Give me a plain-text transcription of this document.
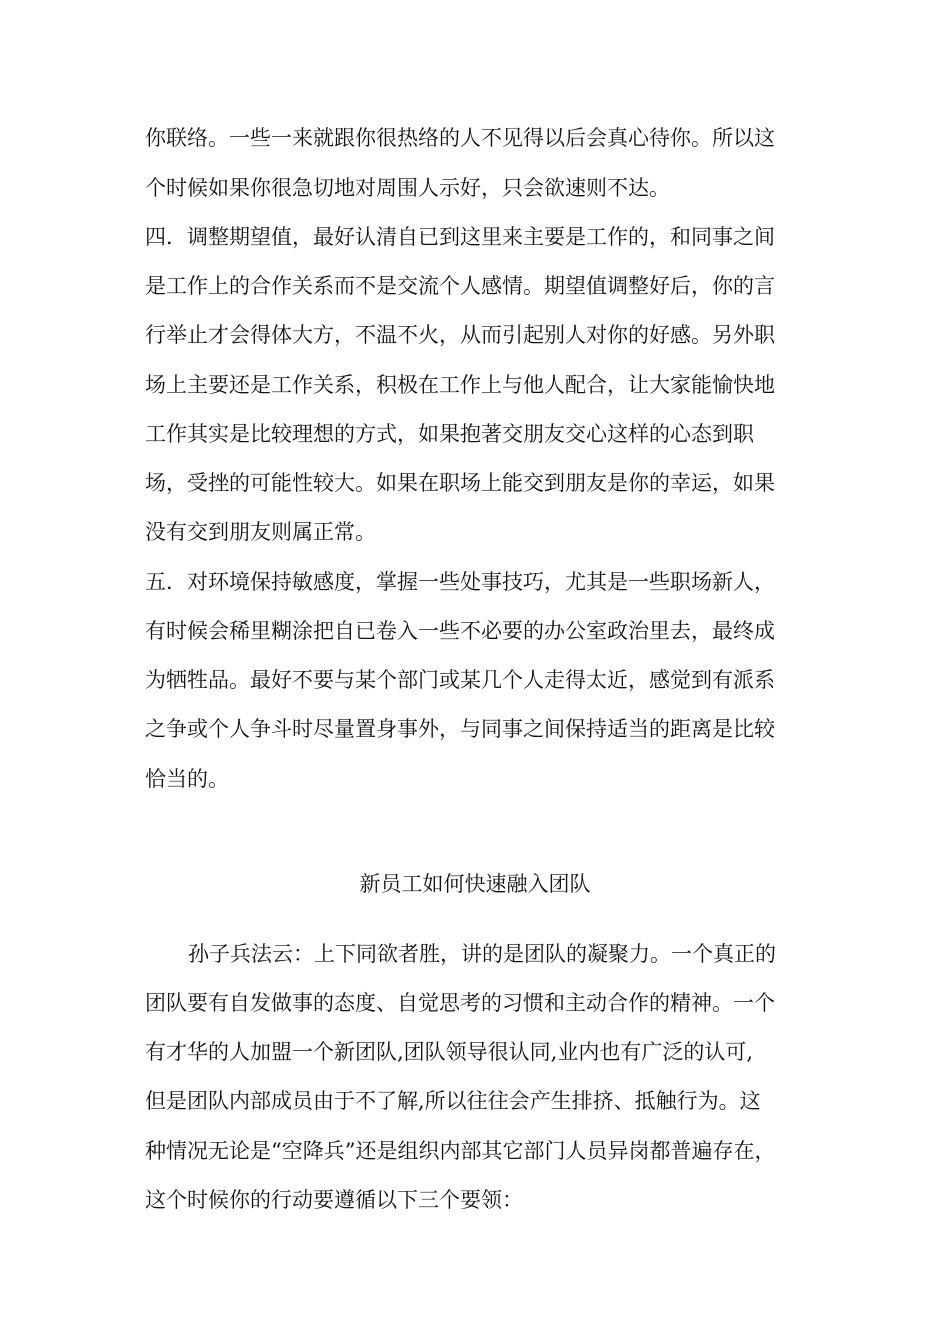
你联络。一些一来就跟你很热络的人不见得以后会真心待你。所以这
个时候如果你很急切地对周围人示好，只会欲速则不达。
四．调整期望值，最好认清自已到这里来主要是工作的，和同事之间
是工作上的合作关系而不是交流个人感情。期望值调整好后，你的言
行举止才会得体大方，不温不火，从而引起别人对你的好感。另外职
场上主要还是工作关系，积极在工作上与他人配合，让大家能愉快地
工作其实是比较理想的方式，如果抱著交朋友交心这样的心态到职
场，受挫的可能性较大。如果在职场上能交到朋友是你的幸运，如果
没有交到朋友则属正常。
五．对环境保持敏感度，掌握一些处事技巧，尤其是一些职场新人，
有时候会稀里糊涂把自已卷入一些不必要的办公室政治里去，最终成
为牺牲品。最好不要与某个部门或某几个人走得太近，感觉到有派系
之争或个人争斗时尽量置身事外，与同事之间保持适当的距离是比较
恰当的。
新员工如何快速融入团队
孙子兵法云：上下同欲者胜，讲的是团队的凝聚力。一个真正的
团队要有自发做事的态度、自觉思考的习惯和主动合作的精神。一个
有才华的人加盟一个新团队,团队领导很认同,业内也有广泛的认可,
但是团队内部成员由于不了解,所以往往会产生排挤、抵触行为。这
种情况无论是“空降兵”还是组织内部其它部门人员异岗都普遍存在，
这个时候你的行动要遵循以下三个要领：
